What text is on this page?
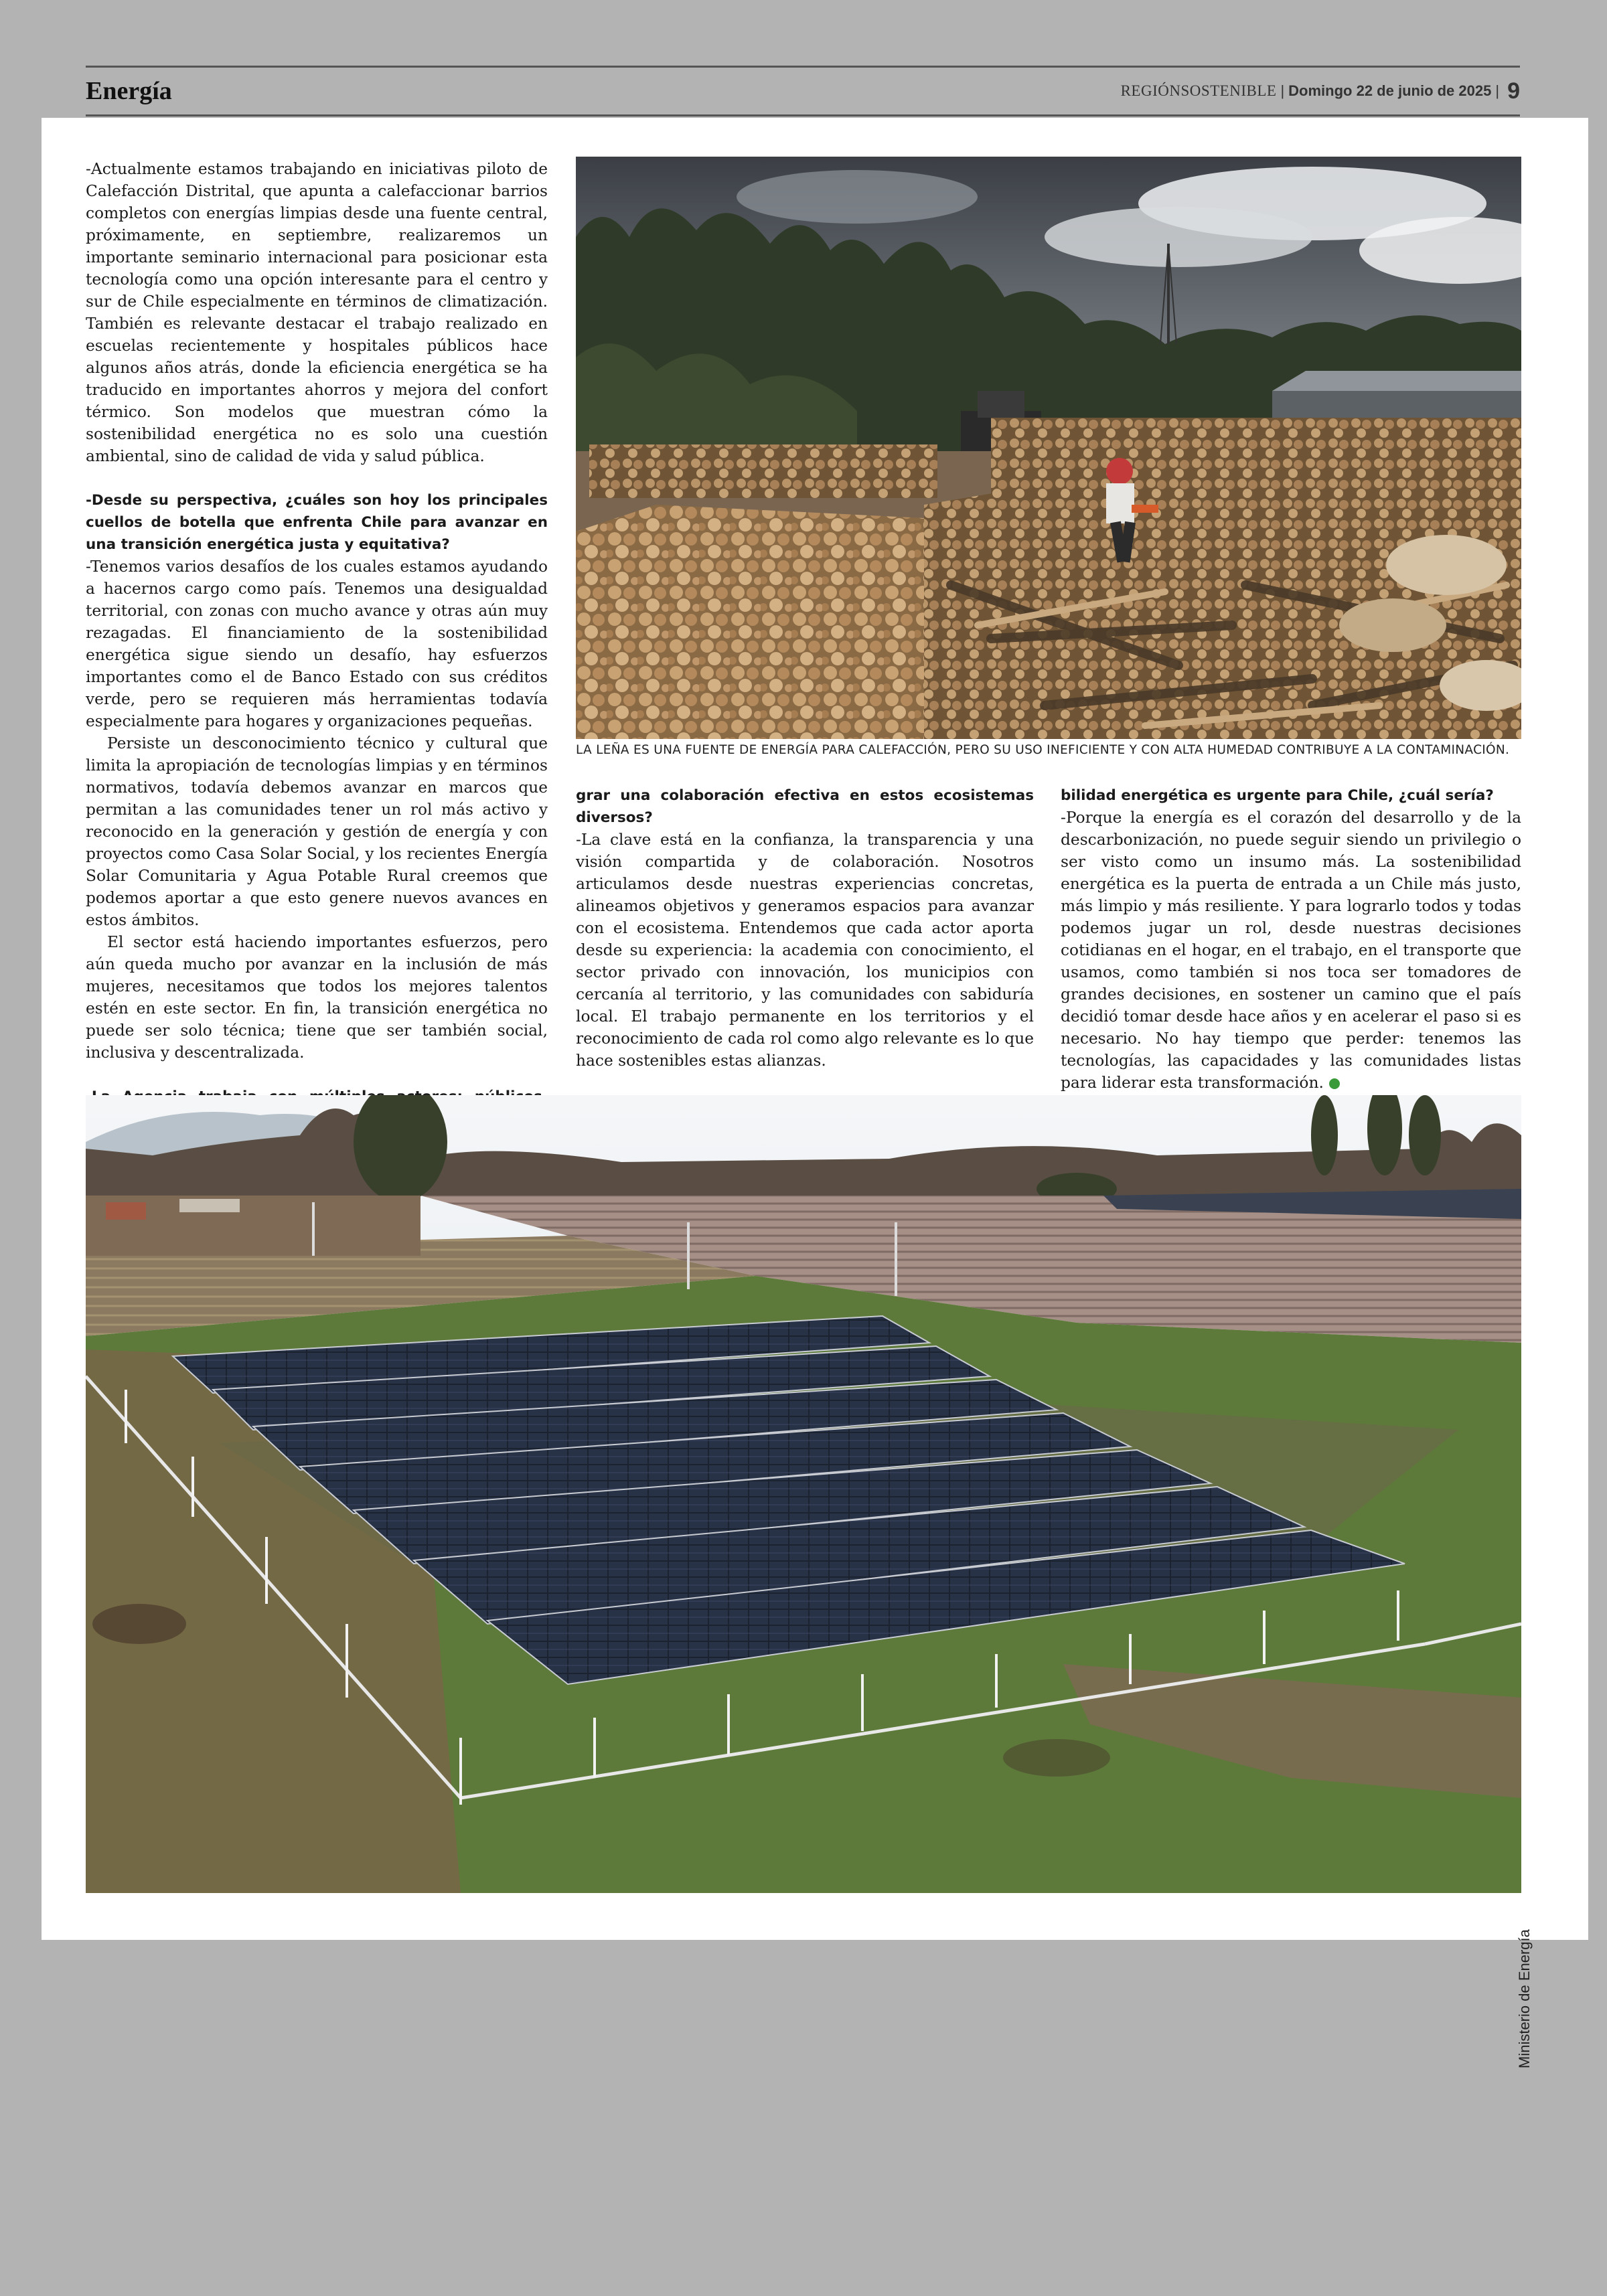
Energía	REGIÓNSOSTENIBLE | Domingo 22 de junio de 2025 | 9

-Actualmente estamos trabajando en iniciativas piloto de Calefacción Distrital, que apunta a calefaccionar barrios completos con energías limpias desde una fuente central, próximamente, en septiembre, realizaremos un importante seminario internacional para posicionar esta tecnología como una opción interesante para el centro y sur de Chile especialmente en términos de climatización. También es relevante destacar el trabajo realizado en escuelas recientemente y hospitales públicos hace algunos años atrás, donde la eficiencia energética se ha traducido en importantes ahorros y mejora del confort térmico. Son modelos que muestran cómo la sostenibilidad energética no es solo una cuestión ambiental, sino de calidad de vida y salud pública.

-Desde su perspectiva, ¿cuáles son hoy los principales cuellos de botella que enfrenta Chile para avanzar en una transición energética justa y equitativa?

-Tenemos varios desafíos de los cuales estamos ayudando a hacernos cargo como país. Tenemos una desigualdad territorial, con zonas con mucho avance y otras aún muy rezagadas. El financiamiento de la sostenibilidad energética sigue siendo un desafío, hay esfuerzos importantes como el de Banco Estado con sus créditos verde, pero se requieren más herramientas todavía especialmente para hogares y organizaciones pequeñas.

Persiste un desconocimiento técnico y cultural que limita la apropiación de tecnologías limpias y en términos normativos, todavía debemos avanzar en marcos que permitan a las comunidades tener un rol más activo y reconocido en la generación y gestión de energía y con proyectos como Casa Solar Social, y los recientes Energía Solar Comunitaria y Agua Potable Rural creemos que podemos aportar a que esto genere nuevos avances en estos ámbitos.

El sector está haciendo importantes esfuerzos, pero aún queda mucho por avanzar en la inclusión de más mujeres, necesitamos que todos los mejores talentos estén en este sector. En fin, la transición energética no puede ser solo técnica; tiene que ser también social, inclusiva y descentralizada.

grar una colaboración efectiva en estos ecosistemas diversos?

-La clave está en la confianza, la transparencia y una visión compartida y de colaboración. Nosotros articulamos desde nuestras experiencias concretas, alineamos objetivos y generamos espacios para avanzar con el ecosistema. Entendemos que cada actor aporta desde su experiencia: la academia con conocimiento, el sector privado con innovación, los municipios con cercanía al territorio, y las comunidades con sabiduría local. El trabajo permanente en los territorios y el reconocimiento de cada rol como algo relevante es lo que hace sostenibles estas alianzas.

bilidad energética es urgente para Chile, ¿cuál sería?

-Porque la energía es el corazón del desarrollo y de la descarbonización, no puede seguir siendo un privilegio o ser visto como un insumo más. La sostenibilidad energética es la puerta de entrada a un Chile más justo, más limpio y más resiliente. Y para lograrlo todos y todas podemos jugar un rol, desde nuestras decisiones cotidianas en el hogar, en el trabajo, en el transporte que usamos, como también si nos toca ser tomadores de grandes decisiones, en sostener un camino que el país decidió tomar desde hace años y en acelerar el paso si es necesario. No hay tiempo que perder: tenemos las tecnologías, las capacidades y las comunidades listas para liderar esta transformación.

LA LEÑA ES UNA FUENTE DE ENERGÍA PARA CALEFACCIÓN, PERO SU USO INEFICIENTE Y CON ALTA HUMEDAD CONTRIBUYE A LA CONTAMINACIÓN.
Ministerio de Energía
